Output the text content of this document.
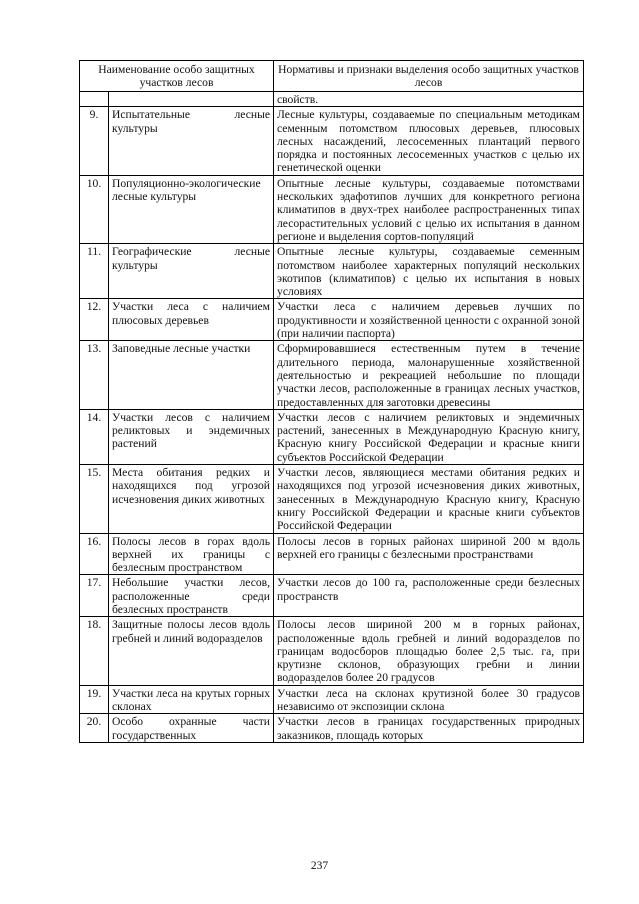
Наименование особо защитных участков лесов		Нормативы и признаки выделения особо защитных участков лесов
		свойств.
9.	Испытательные лесные культуры	Лесные культуры, создаваемые по специальным методикам семенным потомством плюсовых деревьев, плюсовых лесных насаждений, лесосеменных плантаций первого порядка и постоянных лесосеменных участков с целью их генетической оценки
10.	Популяционно-экологические лесные культуры	Опытные лесные культуры, создаваемые потомствами нескольких эдафотипов лучших для конкретного региона климатипов в двух-трех наиболее распространенных типах лесорастительных условий с целью их испытания в данном регионе и выделения сортов-популяций
11.	Географические лесные культуры	Опытные лесные культуры, создаваемые семенным потомством наиболее характерных популяций нескольких экотипов (климатипов) с целью их испытания в новых условиях
12.	Участки леса с наличием плюсовых деревьев	Участки леса с наличием деревьев лучших по продуктивности и хозяйственной ценности с охранной зоной (при наличии паспорта)
13.	Заповедные лесные участки	Сформировавшиеся естественным путем в течение длительного периода, малонарушенные хозяйственной деятельностью и рекреацией небольшие по площади участки лесов, расположенные в границах лесных участков, предоставленных для заготовки древесины
14.	Участки лесов с наличием реликтовых и эндемичных растений	Участки лесов с наличием реликтовых и эндемичных растений, занесенных в Международную Красную книгу, Красную книгу Российской Федерации и красные книги субъектов Российской Федерации
15.	Места обитания редких и находящихся под угрозой исчезновения диких животных	Участки лесов, являющиеся местами обитания редких и находящихся под угрозой исчезновения диких животных, занесенных в Международную Красную книгу, Красную книгу Российской Федерации и красные книги субъектов Российской Федерации
16.	Полосы лесов в горах вдоль верхней их границы с безлесным пространством	Полосы лесов в горных районах шириной 200 м вдоль верхней его границы с безлесными пространствами
17.	Небольшие участки лесов, расположенные среди безлесных пространств	Участки лесов до 100 га, расположенные среди безлесных пространств
18.	Защитные полосы лесов вдоль гребней и линий водоразделов	Полосы лесов шириной 200 м в горных районах, расположенные вдоль гребней и линий водоразделов по границам водосборов площадью более 2,5 тыс. га, при крутизне склонов, образующих гребни и линии водоразделов более 20 градусов
19.	Участки леса на крутых горных склонах	Участки леса на склонах крутизной более 30 градусов независимо от экспозиции склона
20.	Особо охранные части государственных	Участки лесов в границах государственных природных заказников, площадь которых
237
